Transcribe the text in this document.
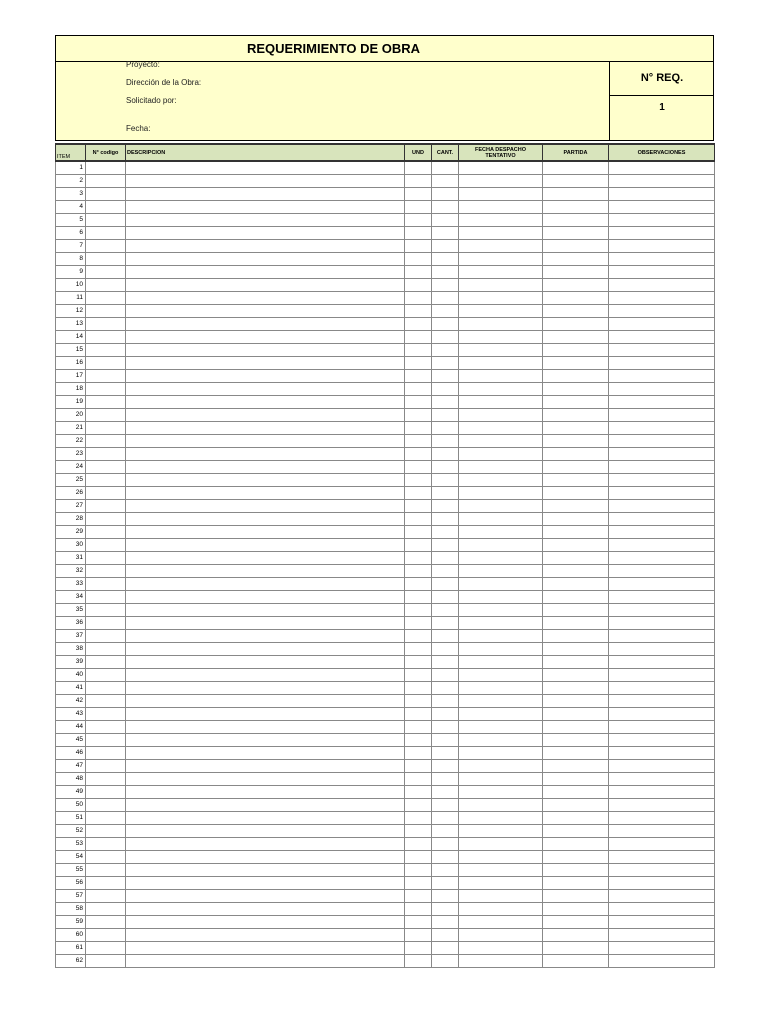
REQUERIMIENTO DE OBRA
Proyecto:
Dirección de la Obra:
Solicitado por:
Fecha:
N° REQ.
1
ITEM	N° codigo	DESCRIPCION	UND	CANT.	FECHA DESPACHO TENTATIVO	PARTIDA	OBSERVACIONES
1							
2							
3							
4							
5							
6							
7							
8							
9							
10							
11							
12							
13							
14							
15							
16							
17							
18							
19							
20							
21							
22							
23							
24							
25							
26							
27							
28							
29							
30							
31							
32							
33							
34							
35							
36							
37							
38							
39							
40							
41							
42							
43							
44							
45							
46							
47							
48							
49							
50							
51							
52							
53							
54							
55							
56							
57							
58							
59							
60							
61							
62							
